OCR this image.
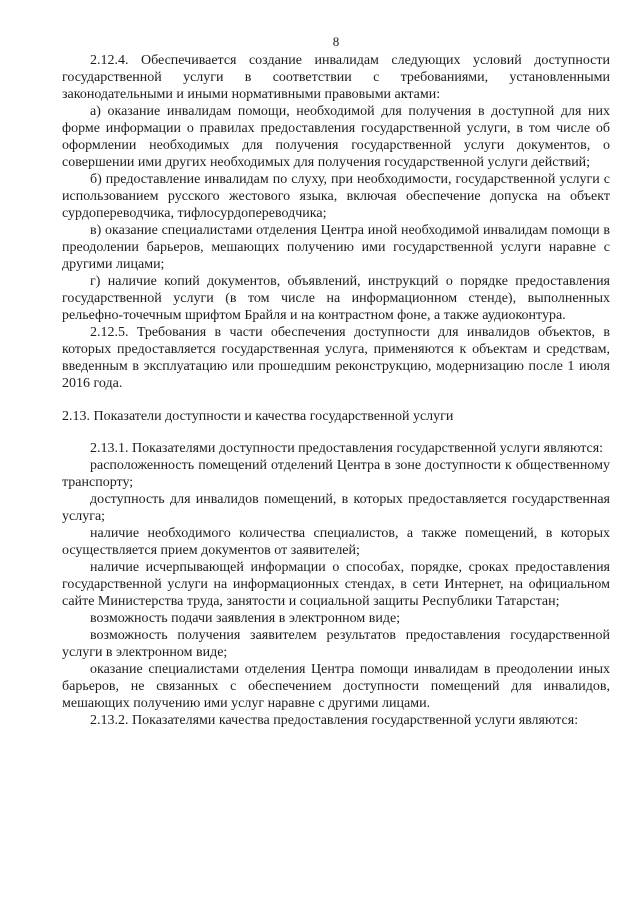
8

2.12.4. Обеспечивается создание инвалидам следующих условий доступности государственной услуги в соответствии с требованиями, установленными законодательными и иными нормативными правовыми актами:

а) оказание инвалидам помощи, необходимой для получения в доступной для них форме информации о правилах предоставления государственной услуги, в том числе об оформлении необходимых для получения государственной услуги документов, о совершении ими других необходимых для получения государственной услуги действий;

б) предоставление инвалидам по слуху, при необходимости, государственной услуги с использованием русского жестового языка, включая обеспечение допуска на объект сурдопереводчика, тифлосурдопереводчика;

в) оказание специалистами отделения Центра иной необходимой инвалидам помощи в преодолении барьеров, мешающих получению ими государственной услуги наравне с другими лицами;

г) наличие копий документов, объявлений, инструкций о порядке предоставления государственной услуги (в том числе на информационном стенде), выполненных рельефно-точечным шрифтом Брайля и на контрастном фоне, а также аудиоконтура.

2.12.5. Требования в части обеспечения доступности для инвалидов объектов, в которых предоставляется государственная услуга, применяются к объектам и средствам, введенным в эксплуатацию или прошедшим реконструкцию, модернизацию после 1 июля 2016 года.

2.13. Показатели доступности и качества государственной услуги

2.13.1. Показателями доступности предоставления государственной услуги являются:

расположенность помещений отделений Центра в зоне доступности к общественному транспорту;

доступность для инвалидов помещений, в которых предоставляется государственная услуга;

наличие необходимого количества специалистов, а также помещений, в которых осуществляется прием документов от заявителей;

наличие исчерпывающей информации о способах, порядке, сроках предоставления государственной услуги на информационных стендах, в сети Интернет, на официальном сайте Министерства труда, занятости и социальной защиты Республики Татарстан;

возможность подачи заявления в электронном виде;

возможность получения заявителем результатов предоставления государственной услуги в электронном виде;

оказание специалистами отделения Центра помощи инвалидам в преодолении иных барьеров, не связанных с обеспечением доступности помещений для инвалидов, мешающих получению ими услуг наравне с другими лицами.

2.13.2. Показателями качества предоставления государственной услуги являются:
